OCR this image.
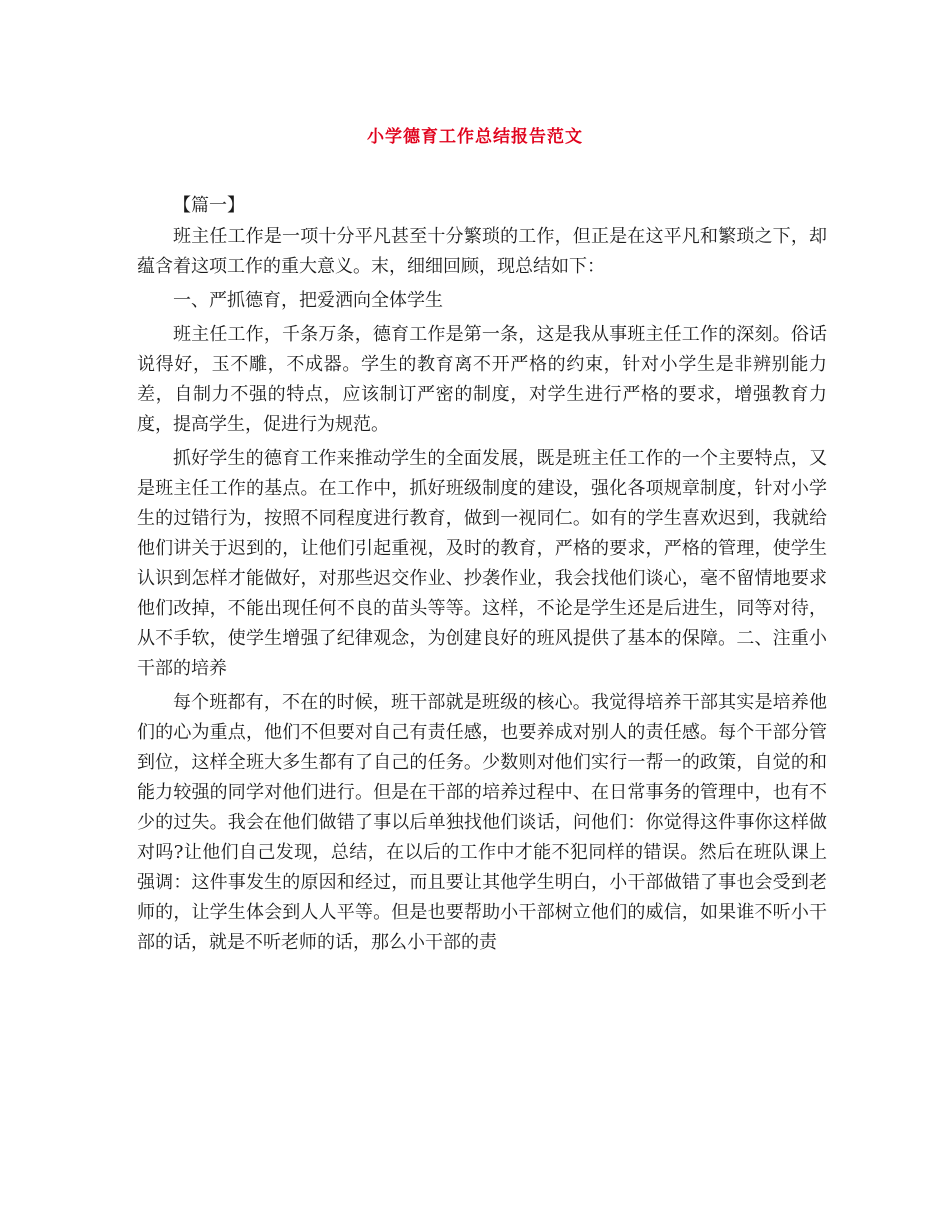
小学德育工作总结报告范文

【篇一】

班主任工作是一项十分平凡甚至十分繁琐的工作，但正是在这平凡和繁琐之下，却蕴含着这项工作的重大意义。末，细细回顾，现总结如下：

一、严抓德育，把爱洒向全体学生

班主任工作，千条万条，德育工作是第一条，这是我从事班主任工作的深刻。俗话说得好，玉不雕，不成器。学生的教育离不开严格的约束，针对小学生是非辨别能力差，自制力不强的特点，应该制订严密的制度，对学生进行严格的要求，增强教育力度，提高学生，促进行为规范。

抓好学生的德育工作来推动学生的全面发展，既是班主任工作的一个主要特点，又是班主任工作的基点。在工作中，抓好班级制度的建设，强化各项规章制度，针对小学生的过错行为，按照不同程度进行教育，做到一视同仁。如有的学生喜欢迟到，我就给他们讲关于迟到的，让他们引起重视，及时的教育，严格的要求，严格的管理，使学生认识到怎样才能做好，对那些迟交作业、抄袭作业，我会找他们谈心，毫不留情地要求他们改掉，不能出现任何不良的苗头等等。这样，不论是学生还是后进生，同等对待，从不手软，使学生增强了纪律观念，为创建良好的班风提供了基本的保障。二、注重小干部的培养

每个班都有，不在的时候，班干部就是班级的核心。我觉得培养干部其实是培养他们的心为重点，他们不但要对自己有责任感，也要养成对别人的责任感。每个干部分管到位，这样全班大多生都有了自己的任务。少数则对他们实行一帮一的政策，自觉的和能力较强的同学对他们进行。但是在干部的培养过程中、在日常事务的管理中，也有不少的过失。我会在他们做错了事以后单独找他们谈话，问他们：你觉得这件事你这样做对吗?让他们自己发现，总结，在以后的工作中才能不犯同样的错误。然后在班队课上强调：这件事发生的原因和经过，而且要让其他学生明白，小干部做错了事也会受到老师的，让学生体会到人人平等。但是也要帮助小干部树立他们的威信，如果谁不听小干部的话，就是不听老师的话，那么小干部的责
